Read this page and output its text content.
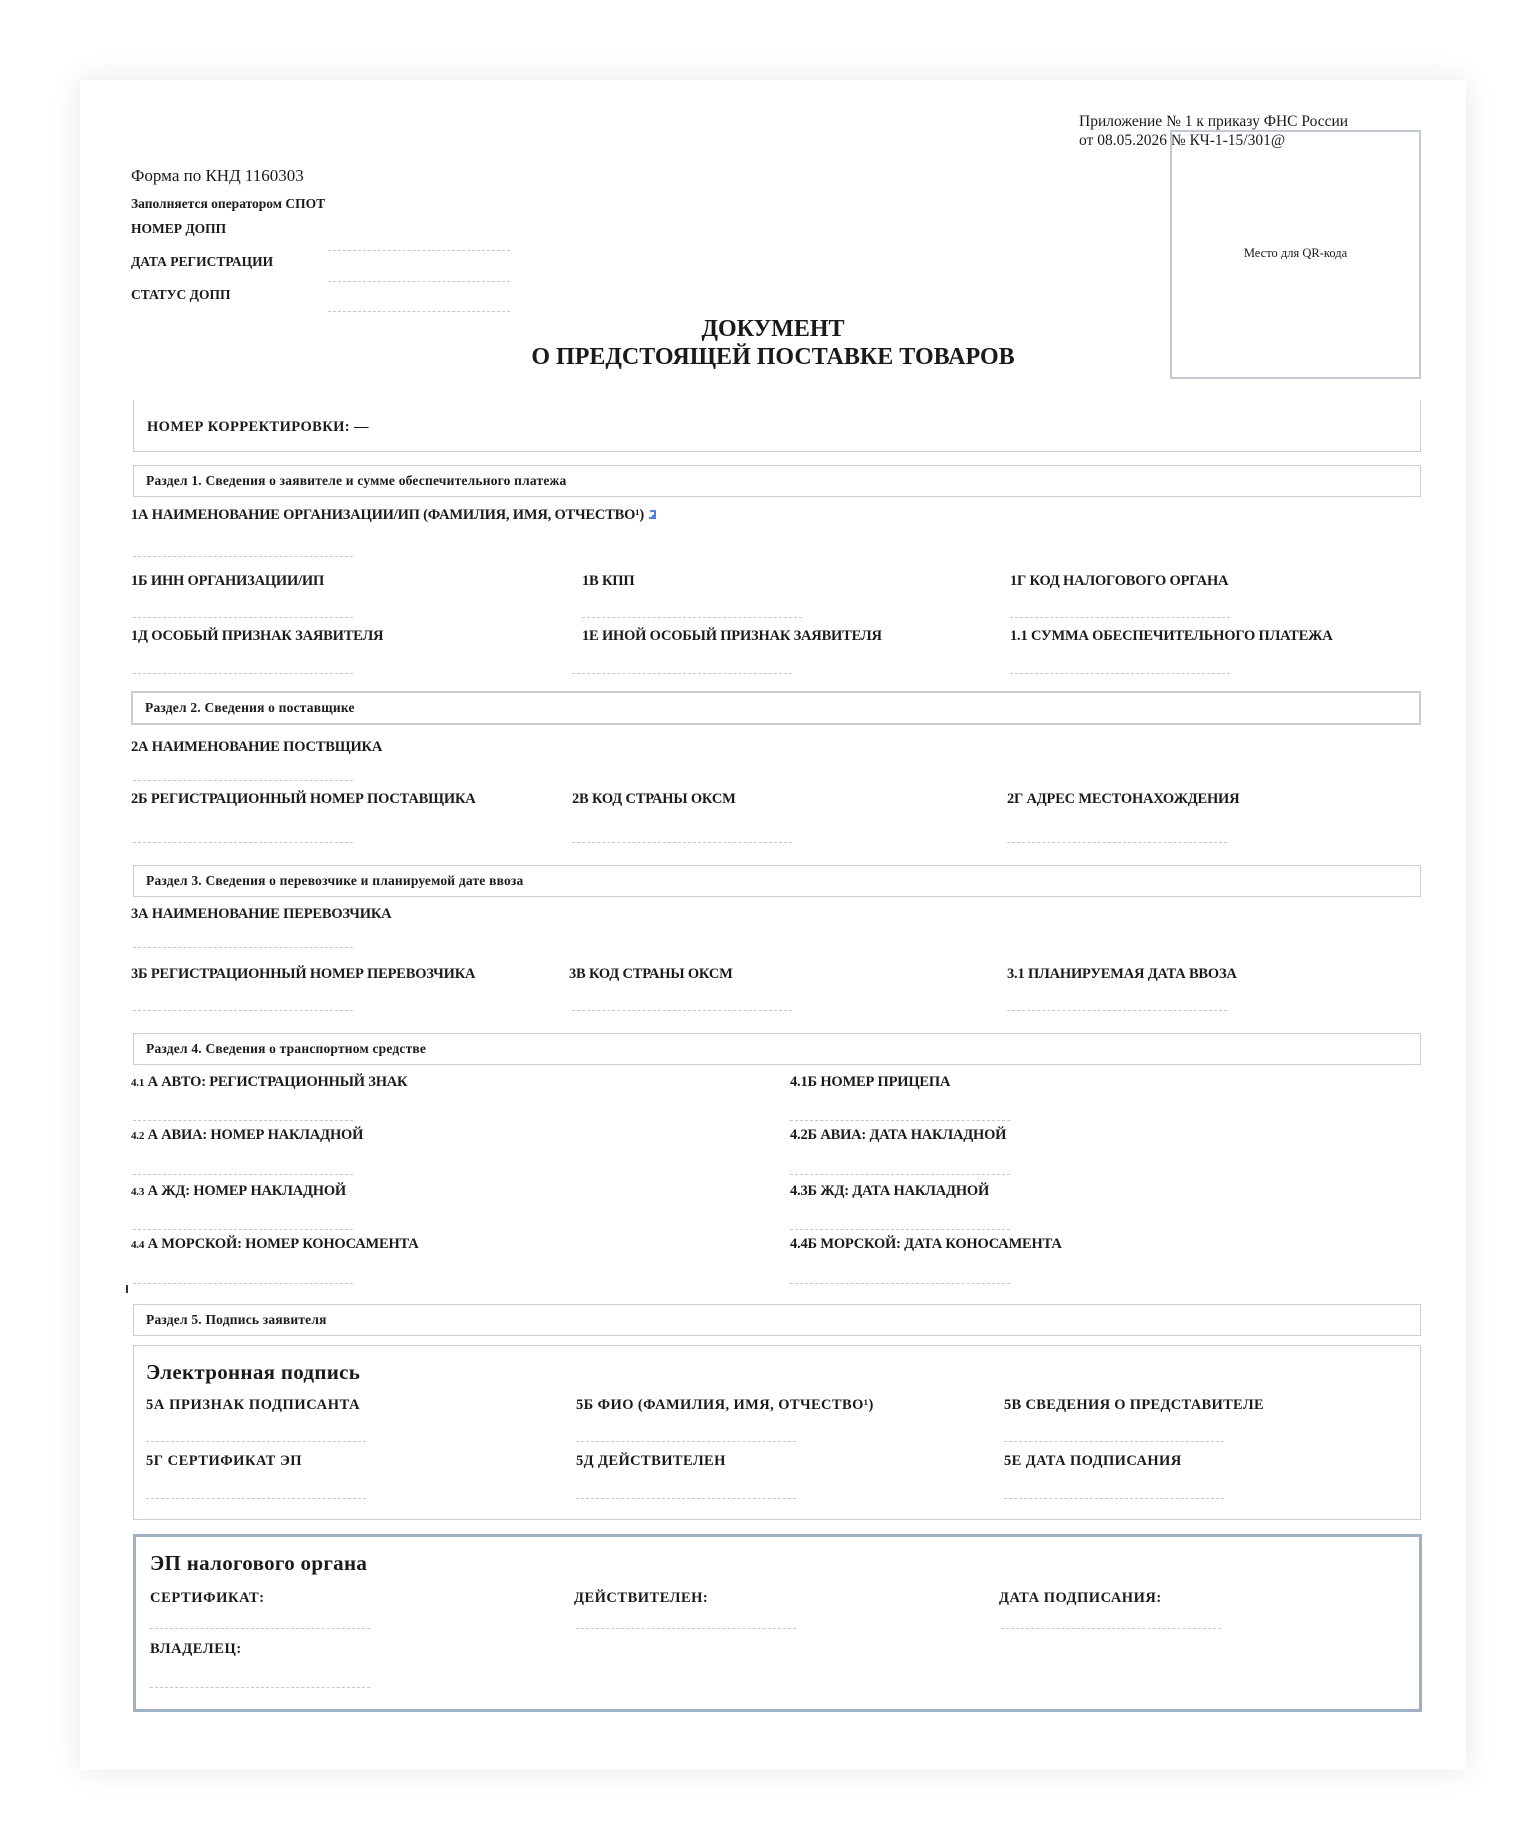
Приложение № 1 к приказу ФНС России
от 08.05.2026 № КЧ-1-15/301@
Место для QR-кода
Форма по КНД 1160303
Заполняется оператором СПОТ
НОМЕР ДОПП
ДАТА РЕГИСТРАЦИИ
СТАТУС ДОПП
ДОКУМЕНТ
О ПРЕДСТОЯЩЕЙ ПОСТАВКЕ ТОВАРОВ
НОМЕР КОРРЕКТИРОВКИ: —
Раздел 1. Сведения о заявителе и сумме обеспечительного платежа
1А НАИМЕНОВАНИЕ ОРГАНИЗАЦИИ/ИП (ФАМИЛИЯ, ИМЯ, ОТЧЕСТВО¹)
1Б ИНН ОРГАНИЗАЦИИ/ИП	1В КПП	1Г КОД НАЛОГОВОГО ОРГАНА
1Д ОСОБЫЙ ПРИЗНАК ЗАЯВИТЕЛЯ	1Е ИНОЙ ОСОБЫЙ ПРИЗНАК ЗАЯВИТЕЛЯ	1.1 СУММА ОБЕСПЕЧИТЕЛЬНОГО ПЛАТЕЖА
Раздел 2. Сведения о поставщике
2А НАИМЕНОВАНИЕ ПОСТВЩИКА
2Б РЕГИСТРАЦИОННЫЙ НОМЕР ПОСТАВЩИКА	2В КОД СТРАНЫ ОКСМ	2Г АДРЕС МЕСТОНАХОЖДЕНИЯ
Раздел 3. Сведения о перевозчике и планируемой дате ввоза
3А НАИМЕНОВАНИЕ ПЕРЕВОЗЧИКА
3Б РЕГИСТРАЦИОННЫЙ НОМЕР ПЕРЕВОЗЧИКА	3В КОД СТРАНЫ ОКСМ	3.1 ПЛАНИРУЕМАЯ ДАТА ВВОЗА
Раздел 4. Сведения о транспортном средстве
4.1 А АВТО: РЕГИСТРАЦИОННЫЙ ЗНАК	4.1Б НОМЕР ПРИЦЕПА
4.2 А АВИА: НОМЕР НАКЛАДНОЙ	4.2Б АВИА: ДАТА НАКЛАДНОЙ
4.3 А ЖД: НОМЕР НАКЛАДНОЙ	4.3Б ЖД: ДАТА НАКЛАДНОЙ
4.4 А МОРСКОЙ: НОМЕР КОНОСАМЕНТА	4.4Б МОРСКОЙ: ДАТА КОНОСАМЕНТА
Раздел 5. Подпись заявителя
Электронная подпись
5А ПРИЗНАК ПОДПИСАНТА	5Б ФИО (ФАМИЛИЯ, ИМЯ, ОТЧЕСТВО¹)	5В СВЕДЕНИЯ О ПРЕДСТАВИТЕЛЕ
5Г СЕРТИФИКАТ ЭП	5Д ДЕЙСТВИТЕЛЕН	5Е ДАТА ПОДПИСАНИЯ
ЭП налогового органа
СЕРТИФИКАТ:	ДЕЙСТВИТЕЛЕН:	ДАТА ПОДПИСАНИЯ:
ВЛАДЕЛЕЦ:
